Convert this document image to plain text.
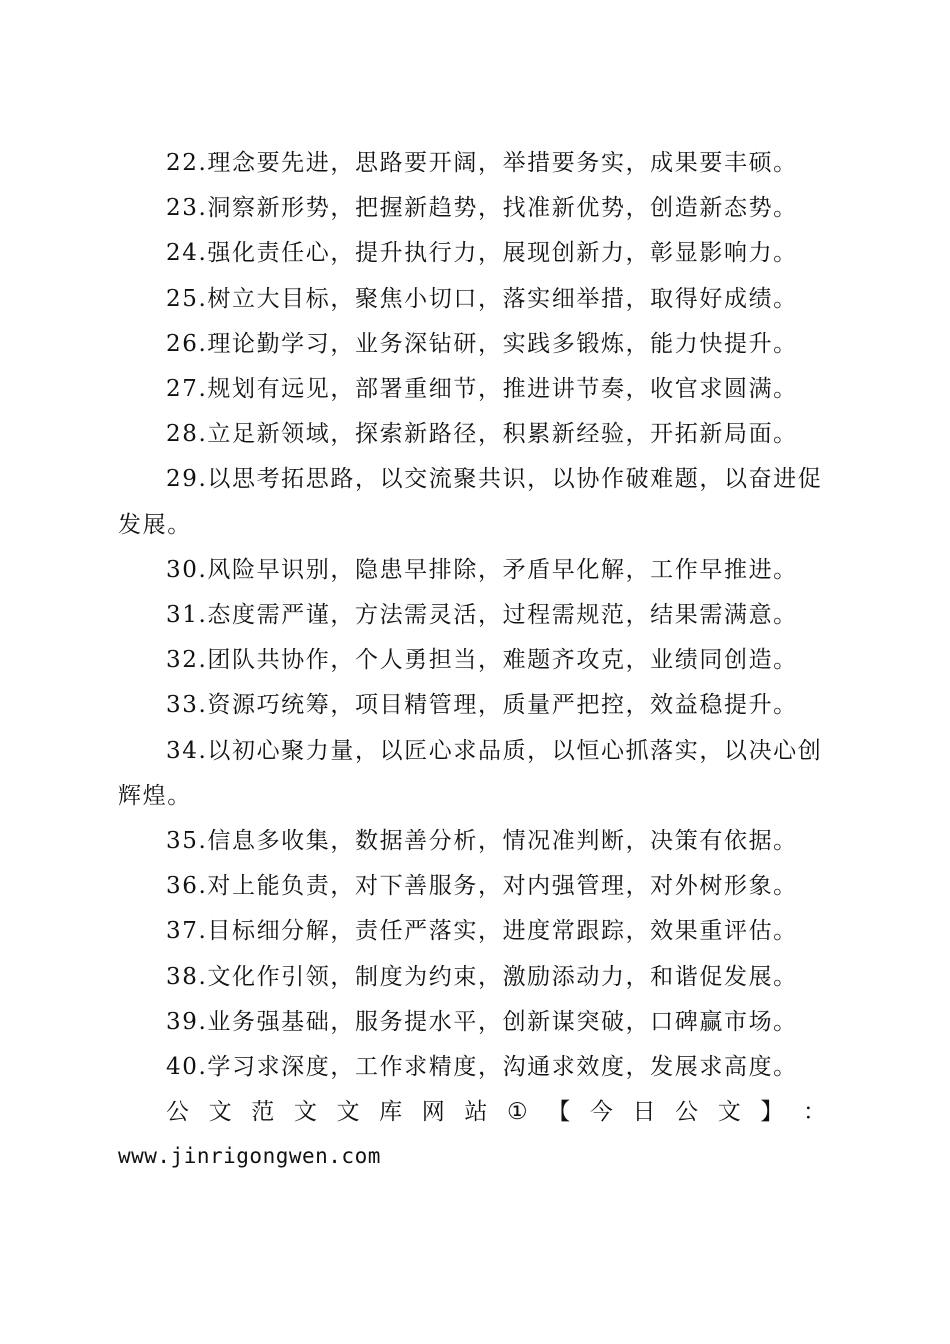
22.理念要先进，思路要开阔，举措要务实，成果要丰硕。

23.洞察新形势，把握新趋势，找准新优势，创造新态势。

24.强化责任心，提升执行力，展现创新力，彰显影响力。

25.树立大目标，聚焦小切口，落实细举措，取得好成绩。

26.理论勤学习，业务深钻研，实践多锻炼，能力快提升。

27.规划有远见，部署重细节，推进讲节奏，收官求圆满。

28.立足新领域，探索新路径，积累新经验，开拓新局面。

29.以思考拓思路，以交流聚共识，以协作破难题，以奋进促发展。

30.风险早识别，隐患早排除，矛盾早化解，工作早推进。

31.态度需严谨，方法需灵活，过程需规范，结果需满意。

32.团队共协作，个人勇担当，难题齐攻克，业绩同创造。

33.资源巧统筹，项目精管理，质量严把控，效益稳提升。

34.以初心聚力量，以匠心求品质，以恒心抓落实，以决心创辉煌。

35.信息多收集，数据善分析，情况准判断，决策有依据。

36.对上能负责，对下善服务，对内强管理，对外树形象。

37.目标细分解，责任严落实，进度常跟踪，效果重评估。

38.文化作引领，制度为约束，激励添动力，和谐促发展。

39.业务强基础，服务提水平，创新谋突破，口碑赢市场。

40.学习求深度，工作求精度，沟通求效度，发展求高度。

公 文 范 文 文 库 网 站 ① 【 今 日 公 文 】 ：

www.jinrigongwen.com
